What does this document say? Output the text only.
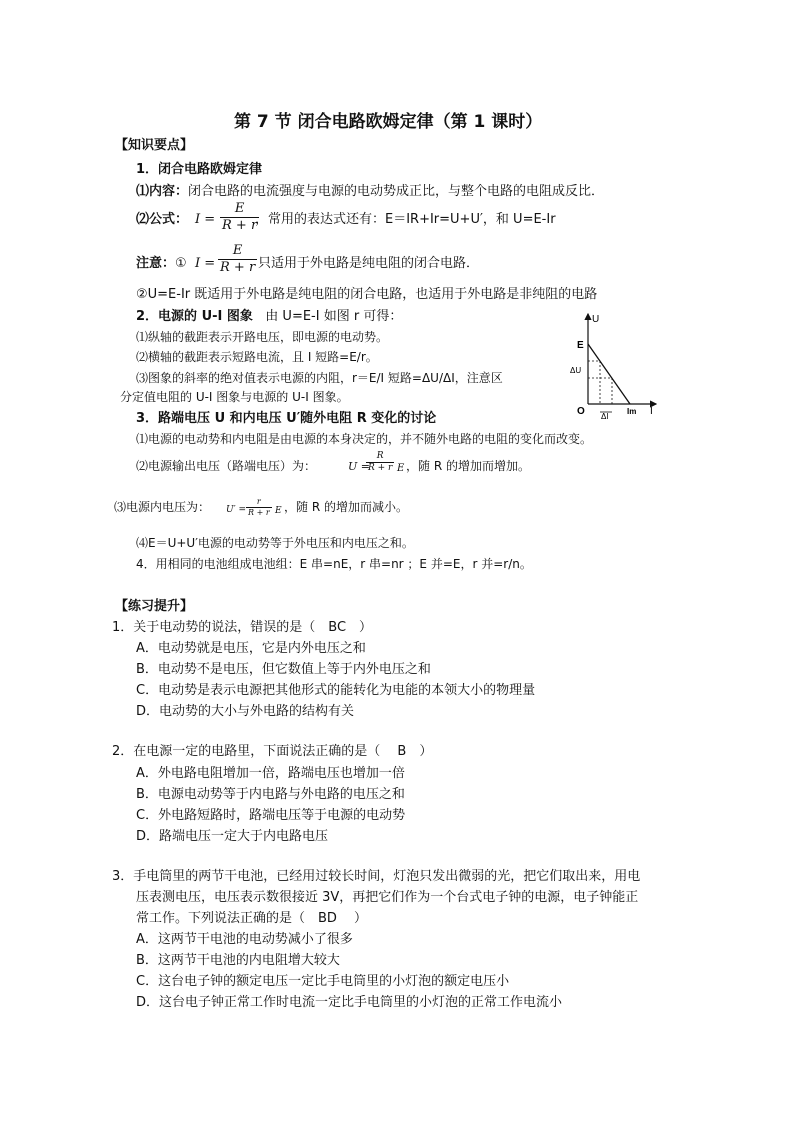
第 7 节 闭合电路欧姆定律（第 1 课时）
【知识要点】
1．闭合电路欧姆定律
⑴内容：闭合电路的电流强度与电源的电动势成正比，与整个电路的电阻成反比．
⑵公式： $I = \frac{E}{R + r}$
，常用的表达式还有：E＝IR+Ir=U+U′，和 U=E-Ir
注意： ① $I = \frac{E}{R + r}$ 只适用于外电路是纯电阻的闭合电路．
②U=E-Ir 既适用于外电路是纯电阻的闭合电路，也适用于外电路是非纯阻的电路
2．电源的 U-I 图象 由 U=E-I 如图 r 可得：
⑴纵轴的截距表示开路电压，即电源的电动势。
⑵横轴的截距表示短路电流，且 I 短路=E/r。
⑶图象的斜率的绝对值表示电源的内阻，r＝E/I 短路=ΔU/ΔI，注意区
分定值电阻的 U-I 图象与电源的 U-I 图象。
U
I
O
E
Im
ΔU
ΔI
3．路端电压 U 和内电压 U′随外电阻 R 变化的讨论
⑴电源的电动势和内电阻是由电源的本身决定的，并不随外电路的电阻的变化而改变。
⑵电源输出电压（路端电压）为：	U =
$\frac{R}{R + r}$ E ，随 R 的增加而增加。
⑶电源内电压为： $U' = \frac{r}{R + r}$ E ，随 R 的增加而减小。
⑷E＝U+U′电源的电动势等于外电压和内电压之和。
4．用相同的电池组成电池组：E 串=nE，r 串=nr ；E 并=E，r 并=r/n。
【练习提升】
1．关于电动势的说法，错误的是（　BC　）
A．电动势就是电压，它是内外电压之和
B．电动势不是电压，但它数值上等于内外电压之和
C．电动势是表示电源把其他形式的能转化为电能的本领大小的物理量
D．电动势的大小与外电路的结构有关
2．在电源一定的电路里，下面说法正确的是（　 B　）
A．外电路电阻增加一倍，路端电压也增加一倍
B．电源电动势等于内电路与外电路的电压之和
C．外电路短路时，路端电压等于电源的电动势
D．路端电压一定大于内电路电压
3．手电筒里的两节干电池，已经用过较长时间，灯泡只发出微弱的光，把它们取出来，用电
压表测电压，电压表示数很接近 3V，再把它们作为一个台式电子钟的电源，电子钟能正
常工作。下列说法正确的是（　BD　 ）
A．这两节干电池的电动势减小了很多
B．这两节干电池的内电阻增大较大
C．这台电子钟的额定电压一定比手电筒里的小灯泡的额定电压小
D．这台电子钟正常工作时电流一定比手电筒里的小灯泡的正常工作电流小
